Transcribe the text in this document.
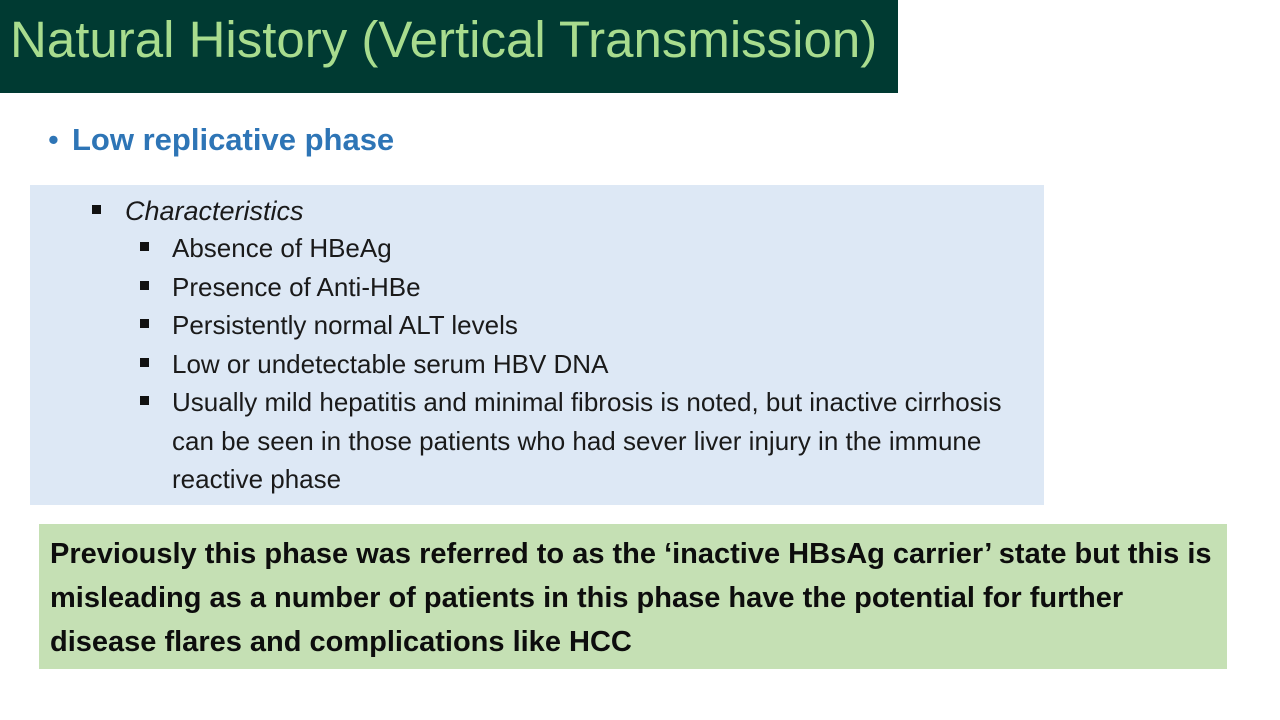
Natural History (Vertical Transmission)
• Low replicative phase
Characteristics
Absence of HBeAg
Presence of Anti-HBe
Persistently normal ALT levels
Low or undetectable serum HBV DNA
Usually mild hepatitis and minimal fibrosis is noted, but inactive cirrhosis can be seen in those patients who had sever liver injury in the immune reactive phase

Previously this phase was referred to as the ‘inactive HBsAg carrier’ state but this is misleading as a number of patients in this phase have the potential for further disease flares and complications like HCC
